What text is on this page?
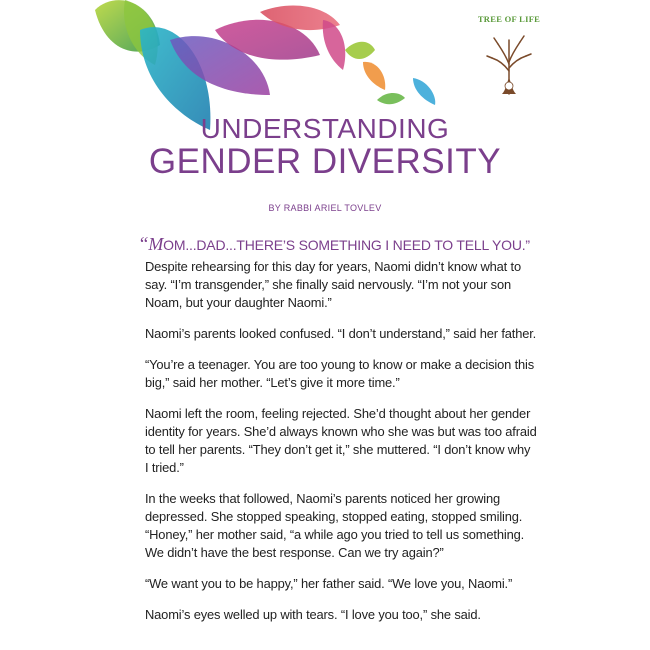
TREE OF LIFE
UNDERSTANDING
GENDER DIVERSITY
BY RABBI ARIEL TOVLEV
“MOM...DAD...THERE’S SOMETHING I NEED TO TELL YOU.”

Despite rehearsing for this day for years, Naomi didn’t know what to say. “I’m transgender,” she finally said nervously. “I’m not your son Noam, but your daughter Naomi.”

Naomi’s parents looked confused. “I don’t understand,” said her father.

“You’re a teenager. You are too young to know or make a decision this big,” said her mother. “Let’s give it more time.”

Naomi left the room, feeling rejected. She’d thought about her gender identity for years. She’d always known who she was but was too afraid to tell her parents. “They don’t get it,” she muttered. “I don’t know why I tried.”

In the weeks that followed, Naomi’s parents noticed her growing depressed. She stopped speaking, stopped eating, stopped smiling. “Honey,” her mother said, “a while ago you tried to tell us something. We didn’t have the best response. Can we try again?”

“We want you to be happy,” her father said. “We love you, Naomi.”

Naomi’s eyes welled up with tears. “I love you too,” she said.
